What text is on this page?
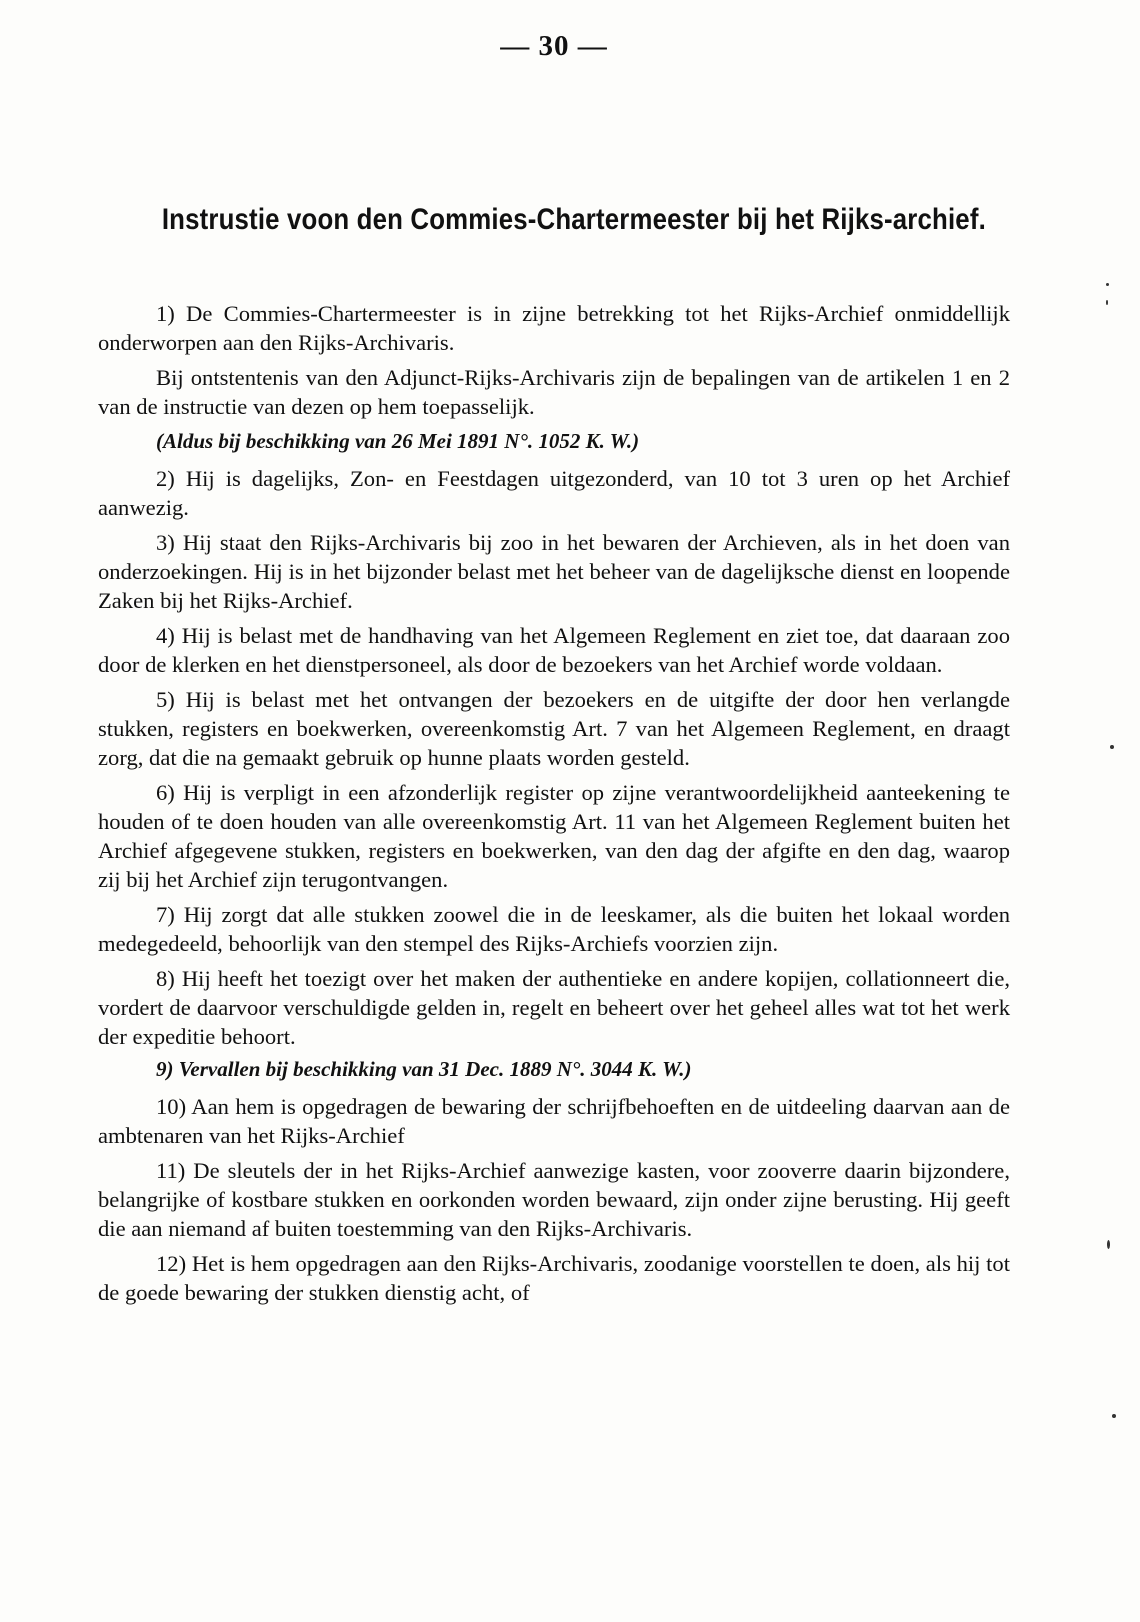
— 30 —
Instrustie voon den Commies-Chartermeester bij het Rijks-archief.

1) De Commies-Chartermeester is in zijne betrekking tot het Rijks-Archief onmiddellijk onderworpen aan den Rijks-Archivaris.

Bij ontstentenis van den Adjunct-Rijks-Archivaris zijn de bepalingen van de artikelen 1 en 2 van de instructie van dezen op hem toepasselijk.

(Aldus bij beschikking van 26 Mei 1891 N°. 1052 K. W.)

2) Hij is dagelijks, Zon- en Feestdagen uitgezonderd, van 10 tot 3 uren op het Archief aanwezig.

3) Hij staat den Rijks-Archivaris bij zoo in het bewaren der Archieven, als in het doen van onderzoekingen. Hij is in het bijzonder belast met het beheer van de dagelijksche dienst en loopende Zaken bij het Rijks-Archief.

4) Hij is belast met de handhaving van het Algemeen Reglement en ziet toe, dat daaraan zoo door de klerken en het dienstpersoneel, als door de bezoekers van het Archief worde voldaan.

5) Hij is belast met het ontvangen der bezoekers en de uitgifte der door hen verlangde stukken, registers en boekwerken, overeenkomstig Art. 7 van het Algemeen Reglement, en draagt zorg, dat die na gemaakt gebruik op hunne plaats worden gesteld.

6) Hij is verpligt in een afzonderlijk register op zijne verantwoordelijkheid aanteekening te houden of te doen houden van alle overeenkomstig Art. 11 van het Algemeen Reglement buiten het Archief afgegevene stukken, registers en boekwerken, van den dag der afgifte en den dag, waarop zij bij het Archief zijn terugontvangen.

7) Hij zorgt dat alle stukken zoowel die in de leeskamer, als die buiten het lokaal worden medegedeeld, behoorlijk van den stempel des Rijks-Archiefs voorzien zijn.

8) Hij heeft het toezigt over het maken der authentieke en andere kopijen, collationneert die, vordert de daarvoor verschuldigde gelden in, regelt en beheert over het geheel alles wat tot het werk der expeditie behoort.

9) Vervallen bij beschikking van 31 Dec. 1889 N°. 3044 K. W.)

10) Aan hem is opgedragen de bewaring der schrijfbehoeften en de uitdeeling daarvan aan de ambtenaren van het Rijks-Archief

11) De sleutels der in het Rijks-Archief aanwezige kasten, voor zooverre daarin bijzondere, belangrijke of kostbare stukken en oorkonden worden bewaard, zijn onder zijne berusting. Hij geeft die aan niemand af buiten toestemming van den Rijks-Archivaris.

12) Het is hem opgedragen aan den Rijks-Archivaris, zoodanige voorstellen te doen, als hij tot de goede bewaring der stukken dienstig acht, of
